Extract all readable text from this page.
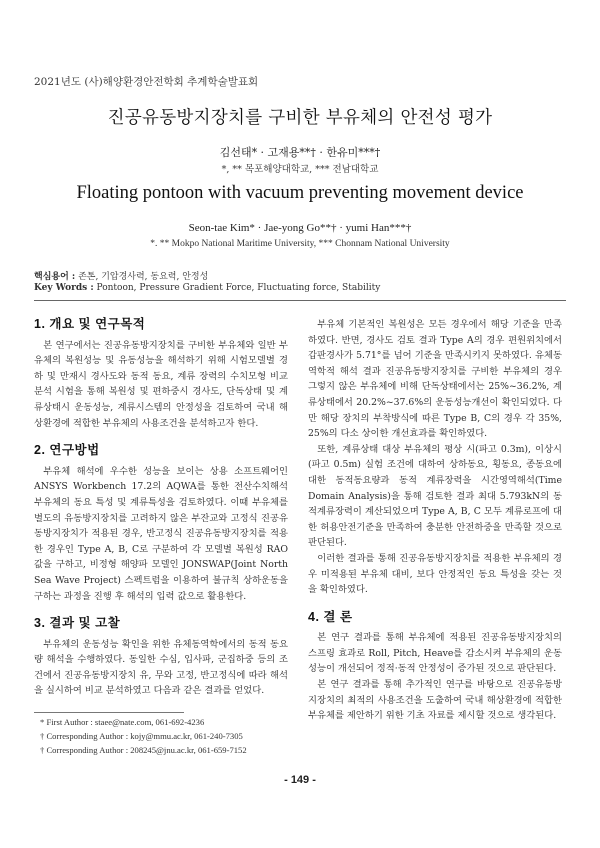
2021년도 (사)해양환경안전학회 추계학술발표회
진공유동방지장치를 구비한 부유체의 안전성 평가
김선태* · 고재용**† · 한유미***†
*, ** 목포해양대학교, *** 전남대학교
Floating pontoon with vacuum preventing movement device
Seon-tae Kim* · Jae-yong Go**† · yumi Han***†
*. ** Mokpo National Maritime University, *** Chonnam National University
핵심용어 : 존톤, 기압경사력, 동요력, 안정성
Key Words : Pontoon, Pressure Gradient Force, Fluctuating force, Stability
1. 개요 및 연구목적

본 연구에서는 진공유동방지장치를 구비한 부유체와 일반 부유체의 복원성능 및 유동성능을 해석하기 위해 시험모델별 경하 및 만재시 경사도와 동적 동요, 계류 장력의 수치모형 비교 분석 시험을 통해 복원성 및 편하중시 경사도, 단독상태 및 계류상태시 운동성능, 계류시스템의 안정성을 검토하여 국내 해상환경에 적합한 부유체의 사용조건을 분석하고자 한다.

2. 연구방법

부유체 해석에 우수한 성능을 보이는 상용 소프트웨어인 ANSYS Workbench 17.2의 AQWA를 통한 전산수치해석 부유체의 동요 특성 및 계류특성을 검토하였다. 이때 부유체를 별도의 유동방지장치를 고려하지 않은 부잔교와 고정식 진공유동방지장치가 적용된 경우, 반고정식 진공유동방지장치를 적용한 경우인 Type A, B, C로 구분하여 각 모델별 복원성 RAO 값을 구하고, 비정형 해양파 모델인 JONSWAP(Joint North Sea Wave Project) 스펙트럼을 이용하여 불규칙 상하운동을 구하는 과정을 진행 후 해석의 입력 값으로 활용한다.

3. 결과 및 고찰

부유체의 운동성능 확인을 위한 유체동역학에서의 동적 동요량 해석을 수행하였다. 동일한 수심, 입사파, 군집하중 등의 조건에서 진공유동방지장치 유, 무와 고정, 반고정식에 따라 해석을 실시하여 비교 분석하였고 다음과 같은 결과를 얻었다.

부유체 기본적인 복원성은 모든 경우에서 해당 기준을 만족하였다. 반면, 경사도 검토 결과 Type A의 경우 편원위치에서 갑판경사가 5.71°를 넘어 기준을 만족시키지 못하였다. 유체동역학적 해석 결과 진공유동방지장치를 구비한 부유체의 경우 그렇지 않은 부유체에 비해 단독상태에서는 25%~36.2%, 계류상태에서 20.2%~37.6%의 운동성능개선이 확인되었다. 다만 해당 장치의 부착방식에 따른 Type B, C의 경우 각 35%, 25%의 다소 상이한 개선효과를 확인하였다.

또한, 계류상태 대상 부유체의 평상 시(파고 0.3m), 이상시(파고 0.5m) 실험 조건에 대하여 상하동요, 횡동요, 종동요에 대한 동적동요량과 동적 계류장력을 시간영역해석(Time Domain Analysis)을 통해 검토한 결과 최대 5.793kN의 동적계류장력이 계산되었으며 Type A, B, C 모두 계류로프에 대한 허용안전기준을 만족하여 충분한 안전하중을 만족할 것으로 판단된다.

이러한 결과를 통해 진공유동방지장치를 적용한 부유체의 경우 미적용된 부유체 대비, 보다 안정적인 동요 특성을 갖는 것을 확인하였다.

4. 결 론

본 연구 결과를 통해 부유체에 적용된 진공유동방지장치의 스프링 효과로 Roll, Pitch, Heave를 감소시켜 부유체의 운동성능이 개선되어 정적·동적 안정성이 증가된 것으로 판단된다.

본 연구 결과를 통해 추가적인 연구를 바탕으로 진공유동방지장치의 최적의 사용조건을 도출하여 국내 해상환경에 적합한 부유체를 제안하기 위한 기초 자료를 제시할 것으로 생각된다.

* First Author : staee@nate.com, 061-692-4236
† Corresponding Author : kojy@mmu.ac.kr, 061-240-7305
† Corresponding Author : 208245@jnu.ac.kr, 061-659-7152
- 149 -
